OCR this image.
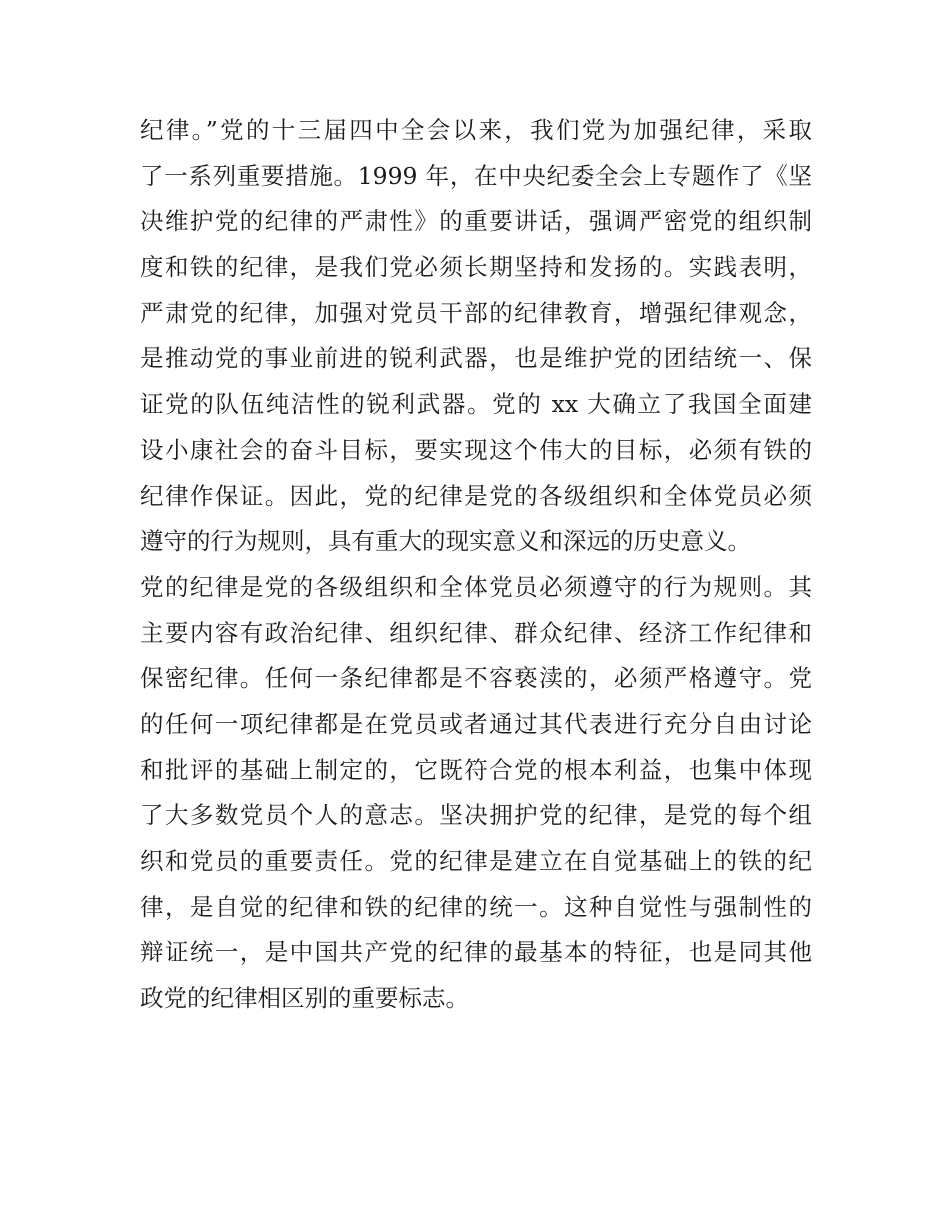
纪律。”党的十三届四中全会以来，我们党为加强纪律，采取
了一系列重要措施。1999 年，在中央纪委全会上专题作了《坚
决维护党的纪律的严肃性》的重要讲话，强调严密党的组织制
度和铁的纪律，是我们党必须长期坚持和发扬的。实践表明，
严肃党的纪律，加强对党员干部的纪律教育，增强纪律观念，
是推动党的事业前进的锐利武器，也是维护党的团结统一、保
证党的队伍纯洁性的锐利武器。党的 xx 大确立了我国全面建
设小康社会的奋斗目标，要实现这个伟大的目标，必须有铁的
纪律作保证。因此，党的纪律是党的各级组织和全体党员必须
遵守的行为规则，具有重大的现实意义和深远的历史意义。
党的纪律是党的各级组织和全体党员必须遵守的行为规则。其
主要内容有政治纪律、组织纪律、群众纪律、经济工作纪律和
保密纪律。任何一条纪律都是不容亵渎的，必须严格遵守。党
的任何一项纪律都是在党员或者通过其代表进行充分自由讨论
和批评的基础上制定的，它既符合党的根本利益，也集中体现
了大多数党员个人的意志。坚决拥护党的纪律，是党的每个组
织和党员的重要责任。党的纪律是建立在自觉基础上的铁的纪
律，是自觉的纪律和铁的纪律的统一。这种自觉性与强制性的
辩证统一，是中国共产党的纪律的最基本的特征，也是同其他
政党的纪律相区别的重要标志。
